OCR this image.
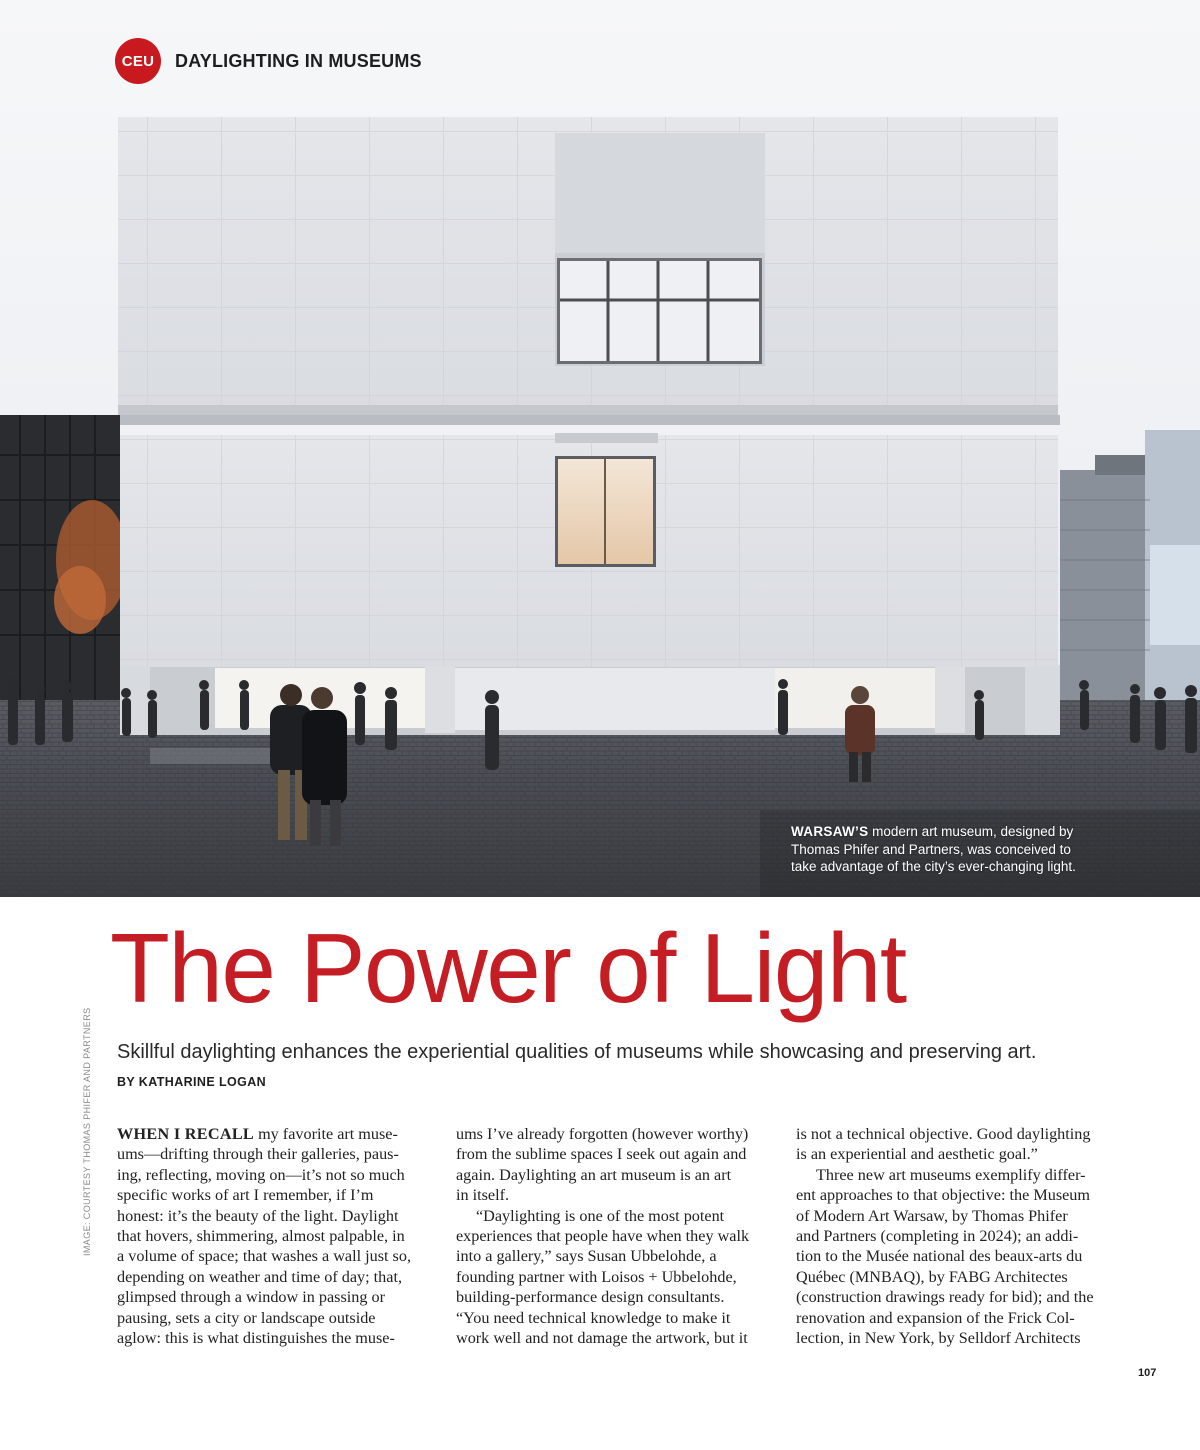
WARSAW’S modern art museum, designed by
Thomas Phifer and Partners, was conceived to
take advantage of the city’s ever-changing light.
CEU	DAYLIGHTING IN MUSEUMS
The Power of Light
Skillful daylighting enhances the experiential qualities of museums while showcasing and preserving art.
BY KATHARINE LOGAN
IMAGE: COURTESY THOMAS PHIFER AND PARTNERS WHEN I RECALL my favorite art muse-
ums—drifting through their galleries, paus-
ing, reflecting, moving on—it’s not so much
specific works of art I remember, if I’m
honest: it’s the beauty of the light. Daylight
that hovers, shimmering, almost palpable, in
a volume of space; that washes a wall just so,
depending on weather and time of day; that,
glimpsed through a window in passing or
pausing, sets a city or landscape outside
aglow: this is what distinguishes the muse-
ums I’ve already forgotten (however worthy)
from the sublime spaces I seek out again and
again. Daylighting an art museum is an art
in itself.
“Daylighting is one of the most potent
experiences that people have when they walk
into a gallery,” says Susan Ubbelohde, a
founding partner with Loisos + Ubbelohde,
building-performance design consultants.
“You need technical knowledge to make it
work well and not damage the artwork, but it
is not a technical objective. Good daylighting
is an experiential and aesthetic goal.”
Three new art museums exemplify differ-
ent approaches to that objective: the Museum
of Modern Art Warsaw, by Thomas Phifer
and Partners (completing in 2024); an addi-
tion to the Musée national des beaux-arts du
Québec (MNBAQ), by FABG Architectes
(construction drawings ready for bid); and the
renovation and expansion of the Frick Col-
lection, in New York, by Selldorf Architects
107
